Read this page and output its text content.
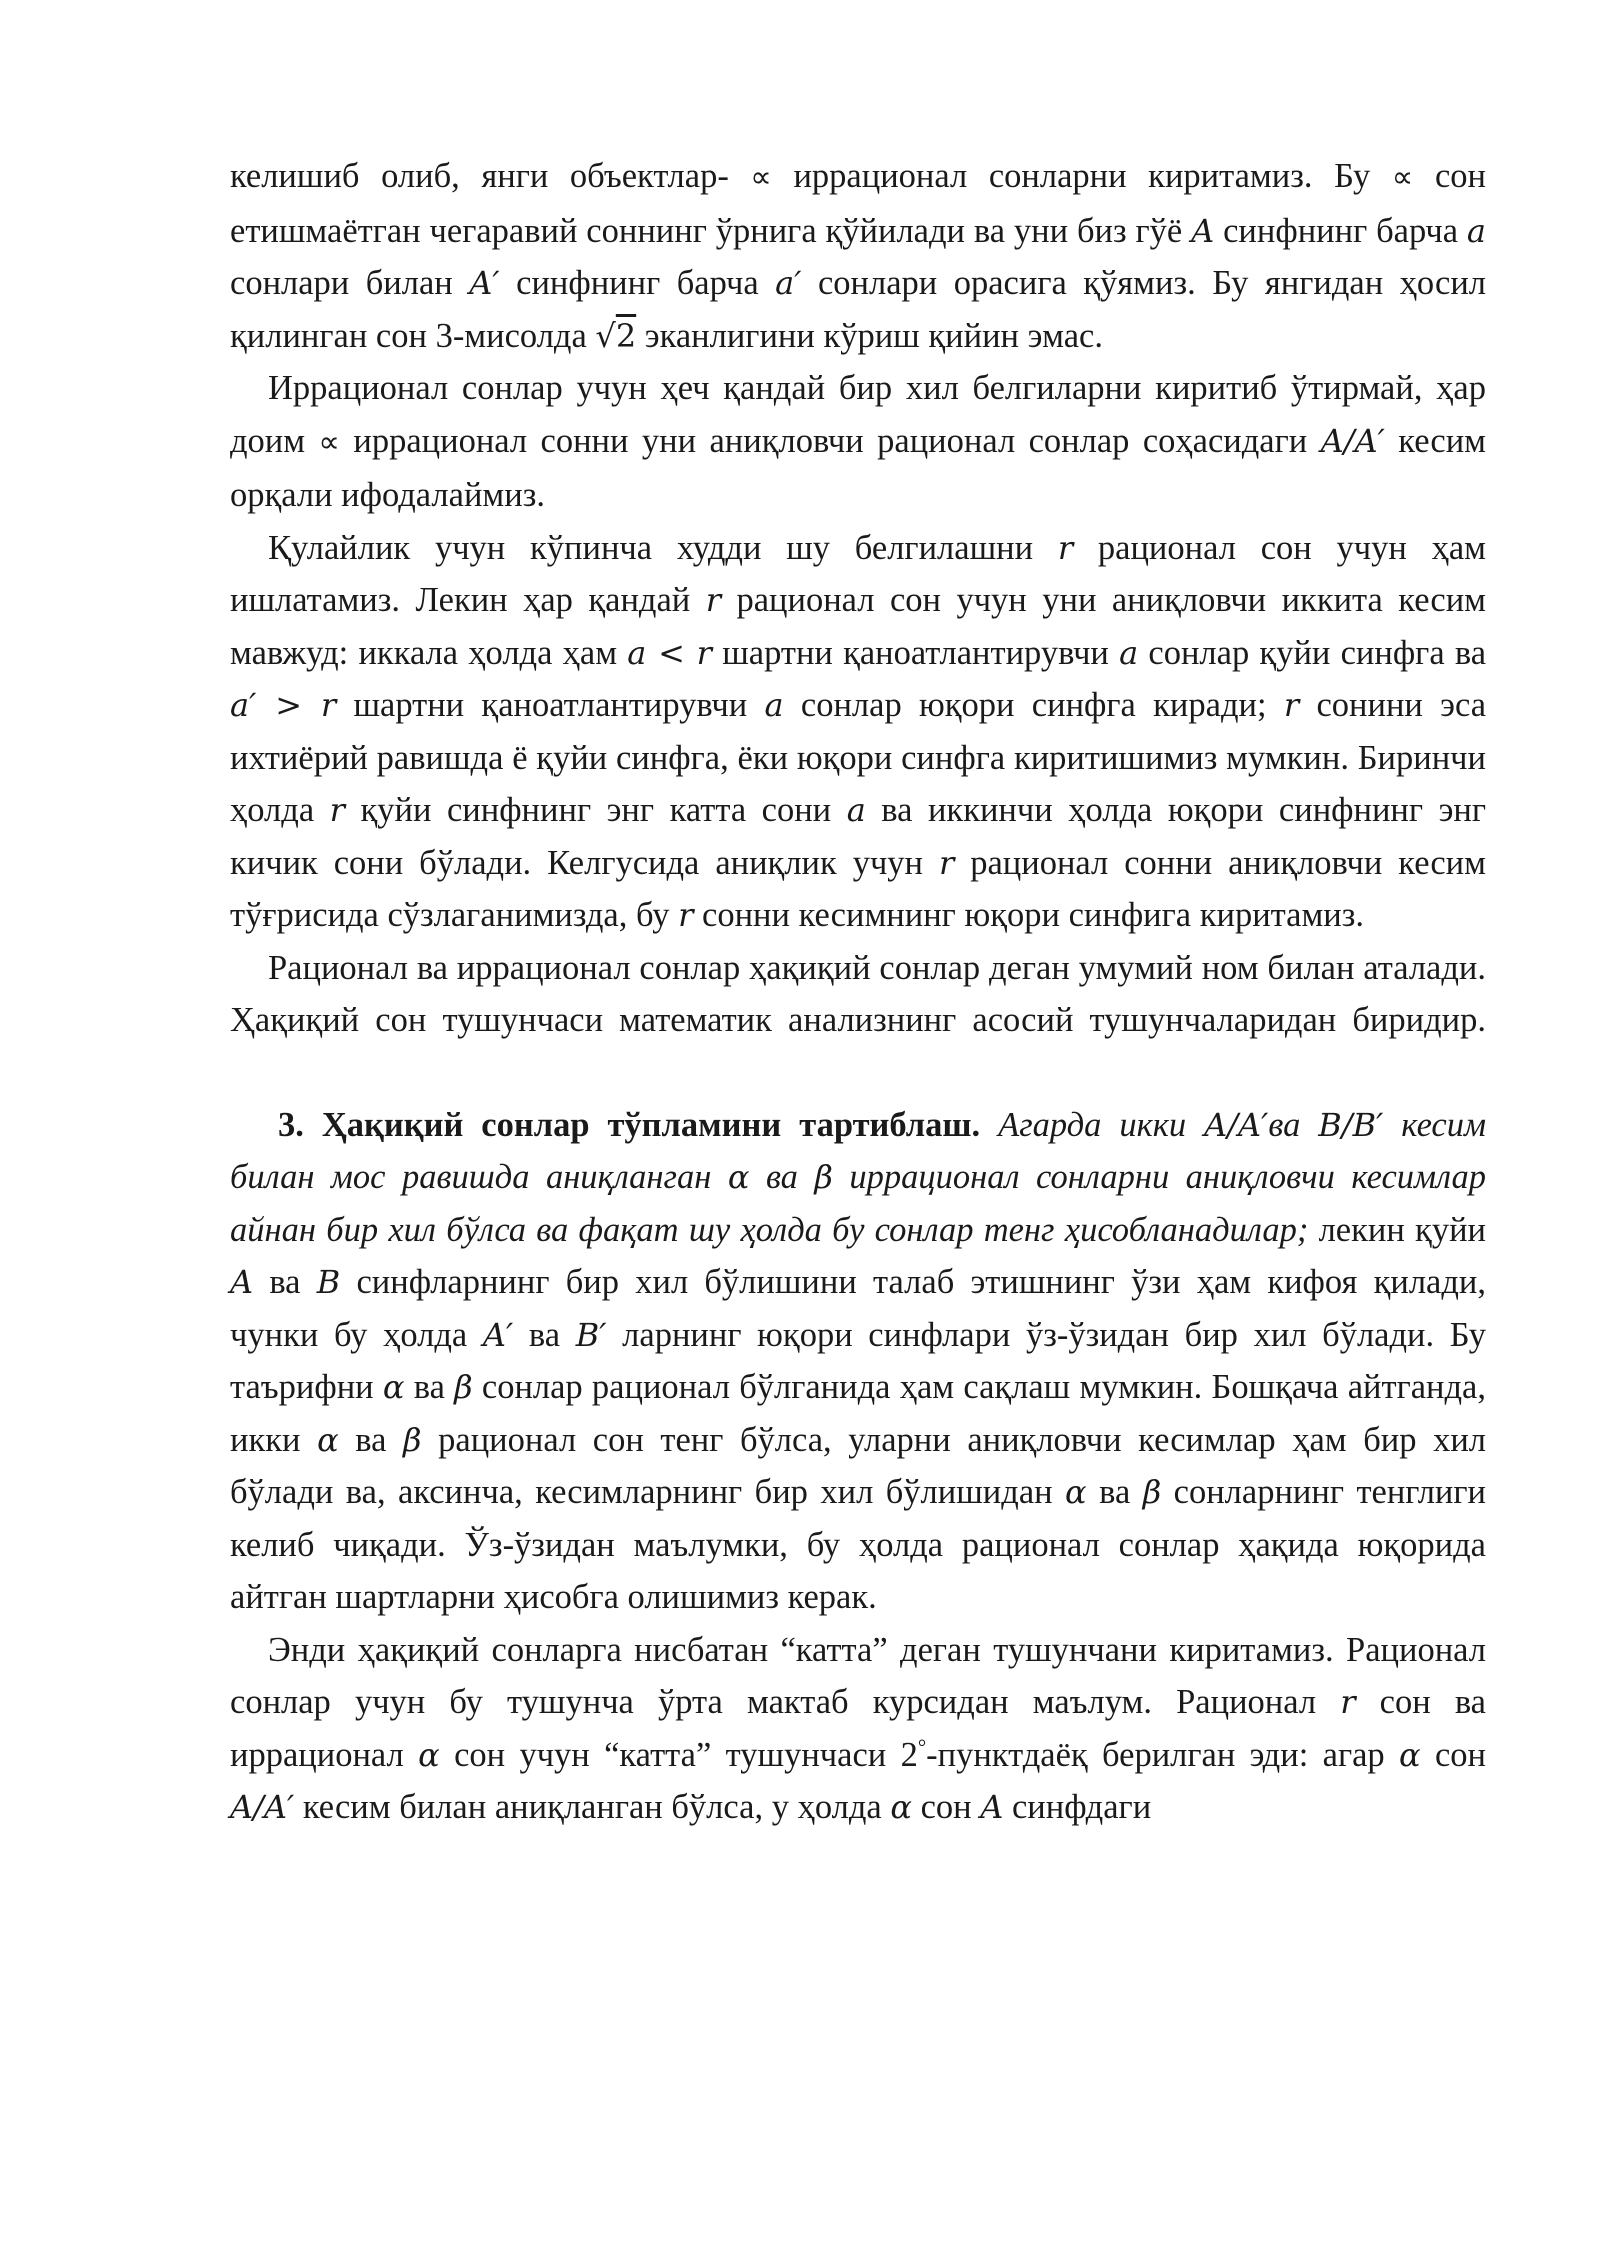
келишиб олиб, янги объектлар- ∝ иррационал сонларни киритамиз. Бу ∝ сон етишмаётган чегаравий соннинг ўрнига қўйилади ва уни биз гўё A синфнинг барча a сонлари билан A′ синфнинг барча a′ сонлари орасига қўямиз. Бу янгидан ҳосил қилинган сон 3-мисолда √2 эканлигини кўриш қийин эмас.

Иррационал сонлар учун ҳеч қандай бир хил белгиларни киритиб ўтирмай, ҳар доим ∝ иррационал сонни уни аниқловчи рационал сонлар соҳасидаги A/A′ кесим орқали ифодалаймиз.

Қулайлик учун кўпинча худди шу белгилашни r рационал сон учун ҳам ишлатамиз. Лекин ҳар қандай r рационал сон учун уни аниқловчи иккита кесим мавжуд: иккала ҳолда ҳам a < r шартни қаноатлантирувчи a сонлар қуйи синфга ва a′ > r шартни қаноатлантирувчи a сонлар юқори синфга киради; r сонини эса ихтиёрий равишда ё қуйи синфга, ёки юқори синфга киритишимиз мумкин. Биринчи ҳолда r қуйи синфнинг энг катта сони a ва иккинчи ҳолда юқори синфнинг энг кичик сони бўлади. Келгусида аниқлик учун r рационал сонни аниқловчи кесим тўғрисида сўзлаганимизда, бу r сонни кесимнинг юқори синфига киритамиз.

Рационал ва иррационал сонлар ҳақиқий сонлар деган умумий ном билан аталади. Ҳақиқий сон тушунчаси математик анализнинг асосий тушунчаларидан биридир.

3. Ҳақиқий сонлар тўпламини тартиблаш. Агарда икки A/A′ва B/B′ кесим билан мос равишда аниқланган α ва β иррационал сонларни аниқловчи кесимлар айнан бир хил бўлса ва фақат шу ҳолда бу сонлар тенг ҳисобланадилар; лекин қуйи A ва B синфларнинг бир хил бўлишини талаб этишнинг ўзи ҳам кифоя қилади, чунки бу ҳолда A′ ва B′ ларнинг юқори синфлари ўз-ўзидан бир хил бўлади. Бу таърифни α ва β сонлар рационал бўлганида ҳам сақлаш мумкин. Бошқача айтганда, икки α ва β рационал сон тенг бўлса, уларни аниқловчи кесимлар ҳам бир хил бўлади ва, аксинча, кесимларнинг бир хил бўлишидан α ва β сонларнинг тенглиги келиб чиқади. Ўз-ўзидан маълумки, бу ҳолда рационал сонлар ҳақида юқорида айтган шартларни ҳисобга олишимиз керак.

Энди ҳақиқий сонларга нисбатан “катта” деган тушунчани киритамиз. Рационал сонлар учун бу тушунча ўрта мактаб курсидан маълум. Рационал r сон ва иррационал α сон учун “катта” тушунчаси 2°-пунктдаёқ берилган эди: агар α сон A/A′ кесим билан аниқланган бўлса, у ҳолда α сон A синфдаги
